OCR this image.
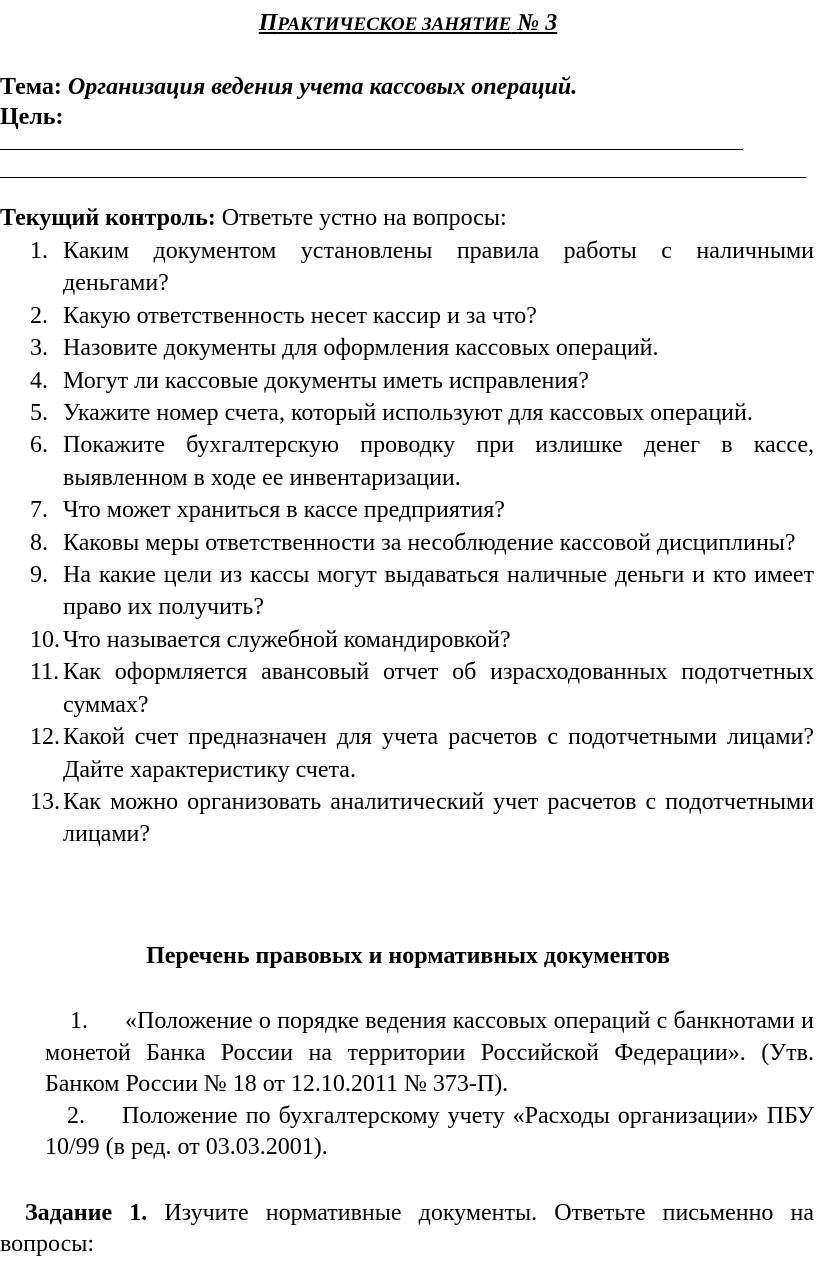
ПРАКТИЧЕСКОЕ ЗАНЯТИЕ № 3
Тема: Организация ведения учета кассовых операций.
Цель:
Текущий контроль: Ответьте устно на вопросы:
1. Каким документом установлены правила работы с наличными деньгами?
2. Какую ответственность несет кассир и за что?
3. Назовите документы для оформления кассовых операций.
4. Могут ли кассовые документы иметь исправления?
5. Укажите номер счета, который используют для кассовых операций.
6. Покажите бухгалтерскую проводку при излишке денег в кассе, выявленном в ходе ее инвентаризации.
7. Что может храниться в кассе предприятия?
8. Каковы меры ответственности за несоблюдение кассовой дисциплины?
9. На какие цели из кассы могут выдаваться наличные деньги и кто имеет право их получить?
10. Что называется служебной командировкой?
11. Как оформляется авансовый отчет об израсходованных подотчетных суммах?
12. Какой счет предназначен для учета расчетов с подотчетными лицами? Дайте характеристику счета.
13. Как можно организовать аналитический учет расчетов с подотчетными лицами?
Перечень правовых и нормативных документов
1. «Положение о порядке ведения кассовых операций с банкнотами и монетой Банка России на территории Российской Федерации». (Утв. Банком России № 18 от 12.10.2011 № 373-П).
2. Положение по бухгалтерскому учету «Расходы организации» ПБУ 10/99 (в ред. от 03.03.2001).
Задание 1. Изучите нормативные документы. Ответьте письменно на вопросы:
